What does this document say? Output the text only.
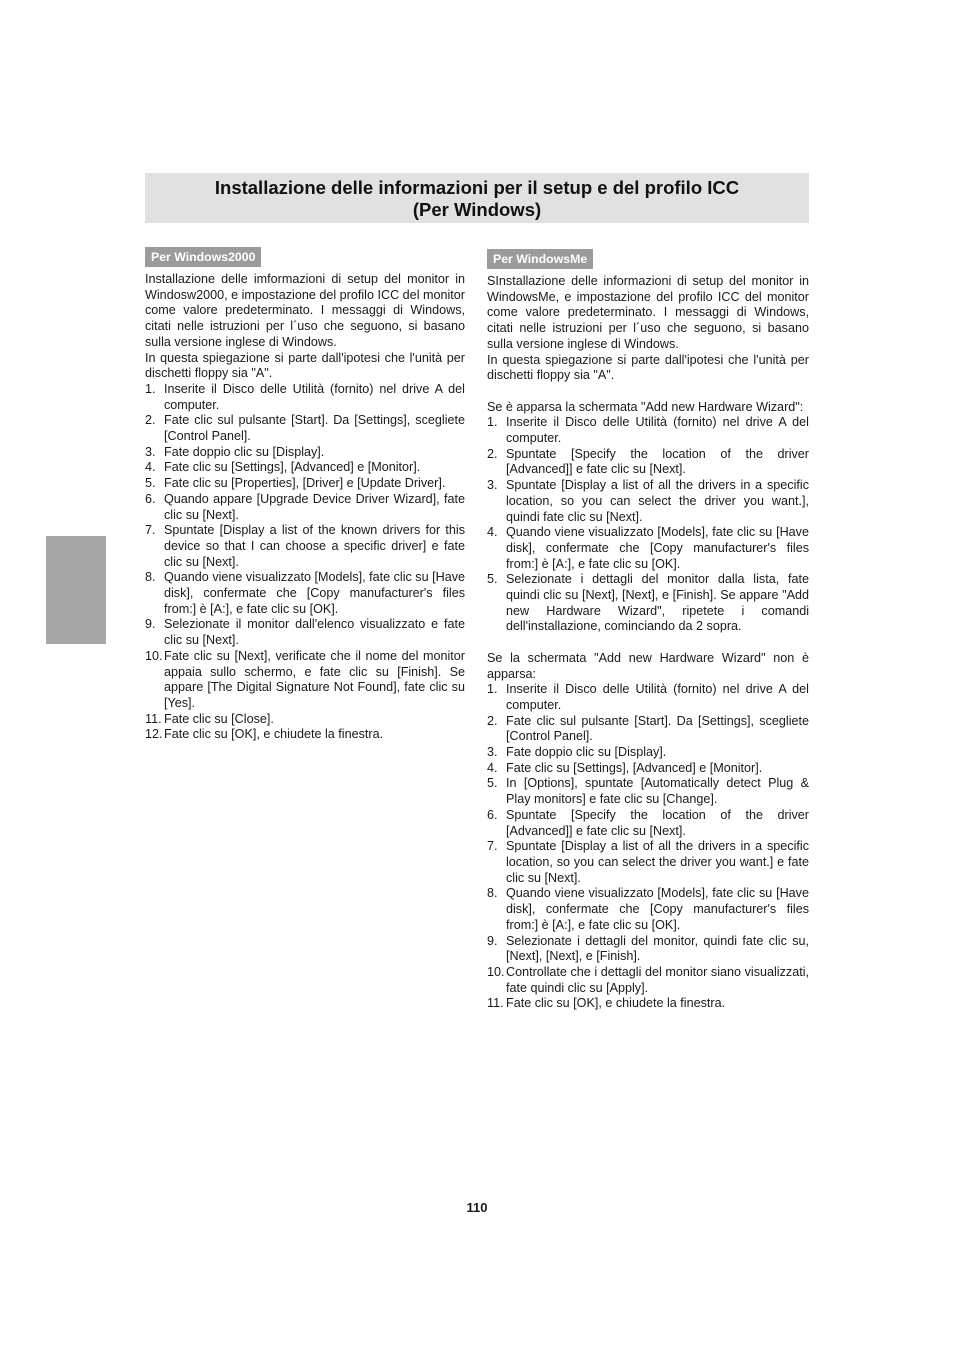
Installazione delle informazioni per il setup e del profilo ICC
(Per Windows)
Per Windows2000

Installazione delle imformazioni di setup del monitor in Windosw2000, e impostazione del profilo ICC del monitor come valore predeterminato. I messaggi di Windows, citati nelle istruzioni per l´uso che seguono, si basano sulla versione inglese di Windows.

In questa spiegazione si parte dall'ipotesi che l'unità per dischetti floppy sia "A".

1. Inserite il Disco delle Utilità (fornito) nel drive A del computer.
2. Fate clic sul pulsante [Start]. Da [Settings], scegliete [Control Panel].
3. Fate doppio clic su [Display].
4. Fate clic su [Settings], [Advanced] e [Monitor].
5. Fate clic su [Properties], [Driver] e [Update Driver].
6. Quando appare [Upgrade Device Driver Wizard], fate clic su [Next].
7. Spuntate [Display a list of the known drivers for this device so that I can choose a specific driver] e fate clic su [Next].
8. Quando viene visualizzato [Models], fate clic su [Have disk], confermate che [Copy manufacturer's files from:] è [A:], e fate clic su [OK].
9. Selezionate il monitor dall'elenco visualizzato e fate clic su [Next].
10. Fate clic su [Next], verificate che il nome del monitor appaia sullo schermo, e fate clic su [Finish]. Se appare [The Digital Signature Not Found], fate clic su [Yes].
11. Fate clic su [Close].
12. Fate clic su [OK], e chiudete la finestra.
Per WindowsMe

SInstallazione delle informazioni di setup del monitor in WindowsMe, e impostazione del profilo ICC del monitor come valore predeterminato. I messaggi di Windows, citati nelle istruzioni per l´uso che seguono, si basano sulla versione inglese di Windows.

In questa spiegazione si parte dall'ipotesi che l'unità per dischetti floppy sia "A".

Se è apparsa la schermata "Add new Hardware Wizard":

1. Inserite il Disco delle Utilità (fornito) nel drive A del computer.
2. Spuntate [Specify the location of the driver [Advanced]] e fate clic su [Next].
3. Spuntate [Display a list of all the drivers in a specific location, so you can select the driver you want.], quindi fate clic su [Next].
4. Quando viene visualizzato [Models], fate clic su [Have disk], confermate che [Copy manufacturer's files from:] è [A:], e fate clic su [OK].
5. Selezionate i dettagli del monitor dalla lista, fate quindi clic su [Next], [Next], e [Finish]. Se appare "Add new Hardware Wizard", ripetete i comandi dell'installazione, cominciando da 2 sopra.

Se la schermata "Add new Hardware Wizard" non è apparsa:

1. Inserite il Disco delle Utilità (fornito) nel drive A del computer.
2. Fate clic sul pulsante [Start]. Da [Settings], scegliete [Control Panel].
3. Fate doppio clic su [Display].
4. Fate clic su [Settings], [Advanced] e [Monitor].
5. In [Options], spuntate [Automatically detect Plug & Play monitors] e fate clic su [Change].
6. Spuntate [Specify the location of the driver [Advanced]] e fate clic su [Next].
7. Spuntate [Display a list of all the drivers in a specific location, so you can select the driver you want.] e fate clic su [Next].
8. Quando viene visualizzato [Models], fate clic su [Have disk], confermate che [Copy manufacturer's files from:] è [A:], e fate clic su [OK].
9. Selezionate i dettagli del monitor, quindi fate clic su, [Next], [Next], e [Finish].
10. Controllate che i dettagli del monitor siano visualizzati, fate quindi clic su [Apply].
11. Fate clic su [OK], e chiudete la finestra.
110
